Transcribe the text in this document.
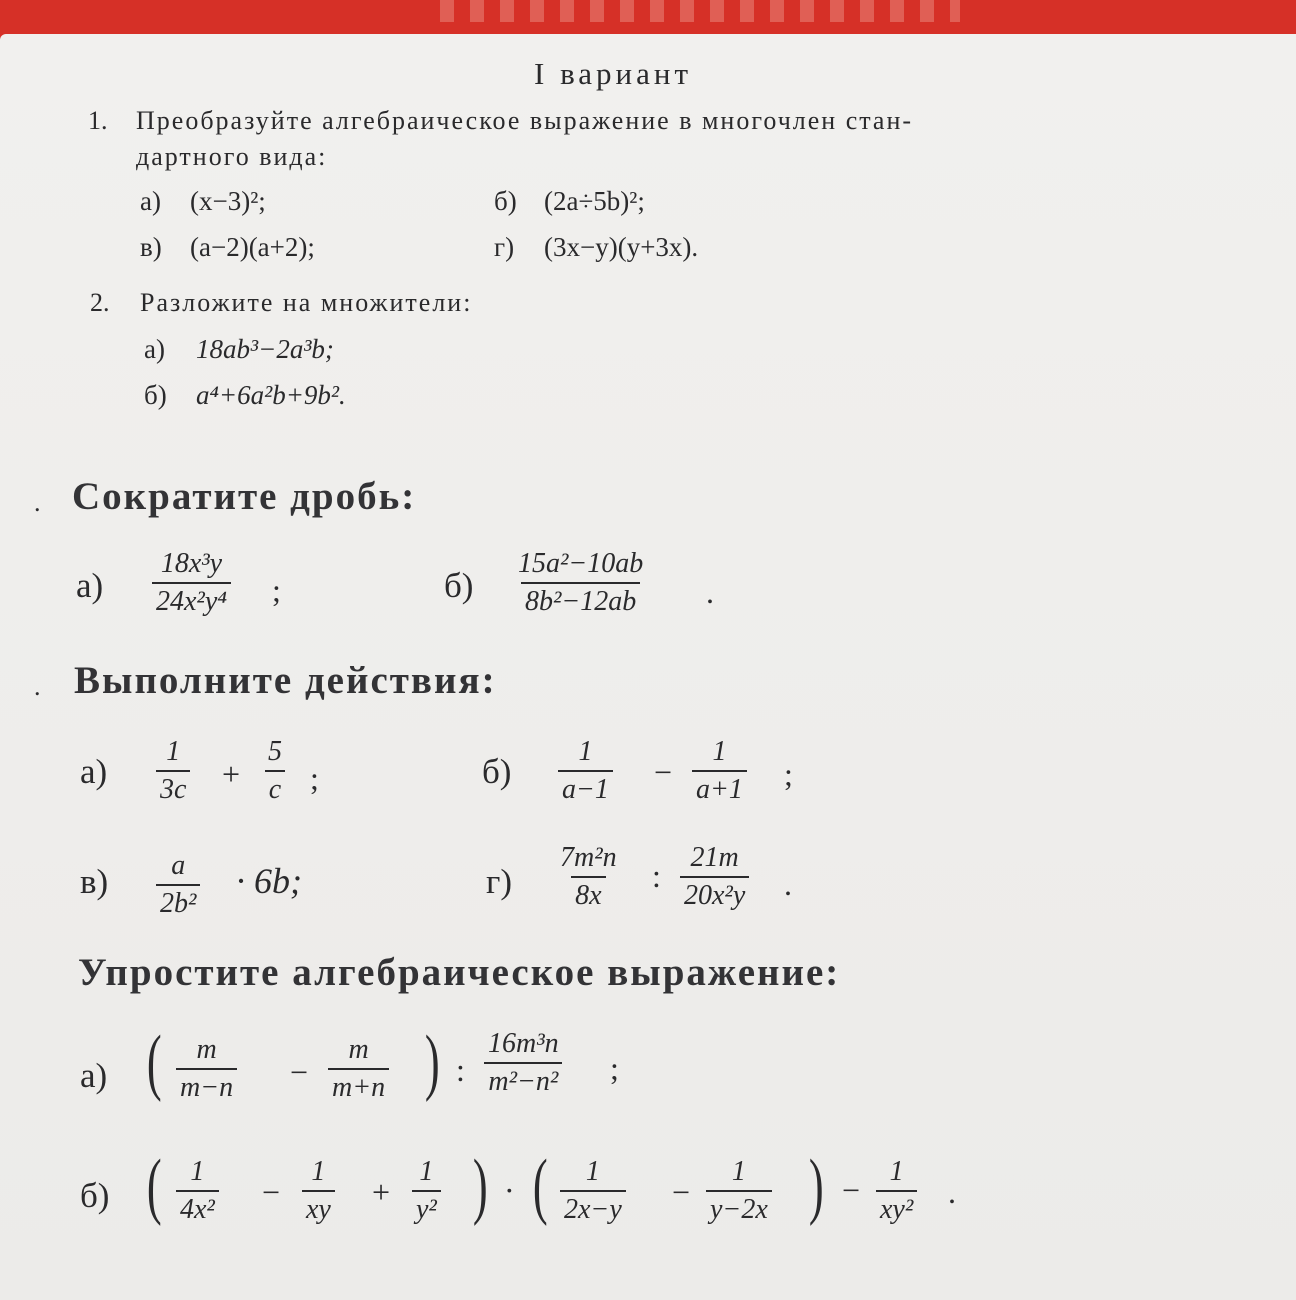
I вариант
1. Преобразуйте алгебраическое выражение в многочлен стан-
дартного вида:
а) (x−3)²;	б) (2a÷5b)²;
в) (a−2)(a+2);	г) (3x−y)(y+3x).
2. Разложите на множители:
а) 18ab³−2a³b;
б) a⁴+6a²b+9b².
. Сократите дробь:
$а) \frac{\text{18x³y}}{\text{24x²y⁴}}$ ;	$б) \frac{\text{15a²−10ab}}{\text{8b²−12ab}}$ .
. Выполните действия:
$а) \frac{1}{3c} + \frac{5}{c}$ ;	$б) \frac{1}{a-1} - \frac{1}{a+1}$ ;
$в) \frac{a}{\text{2b²}} \cdot 6b$;	$г) \frac{\text{7m²n}}{8x}$ : $\frac{21m}{\text{20x²y}}$ .
Упростите алгебраическое выражение:
а) ( $\frac{m}{m-n} - \frac{m}{m+n}$ ) : $\frac{\text{16m³n}}{\text{m²−n²}}$ ;
б) ( $\frac{1}{\text{4x²}} - \frac{1}{xy} + \frac{1}{\text{y²}}$ ) · ( $\frac{1}{2x-y} - \frac{1}{y-2x}$ ) − $\frac{1}{\text{xy²}}$ .
